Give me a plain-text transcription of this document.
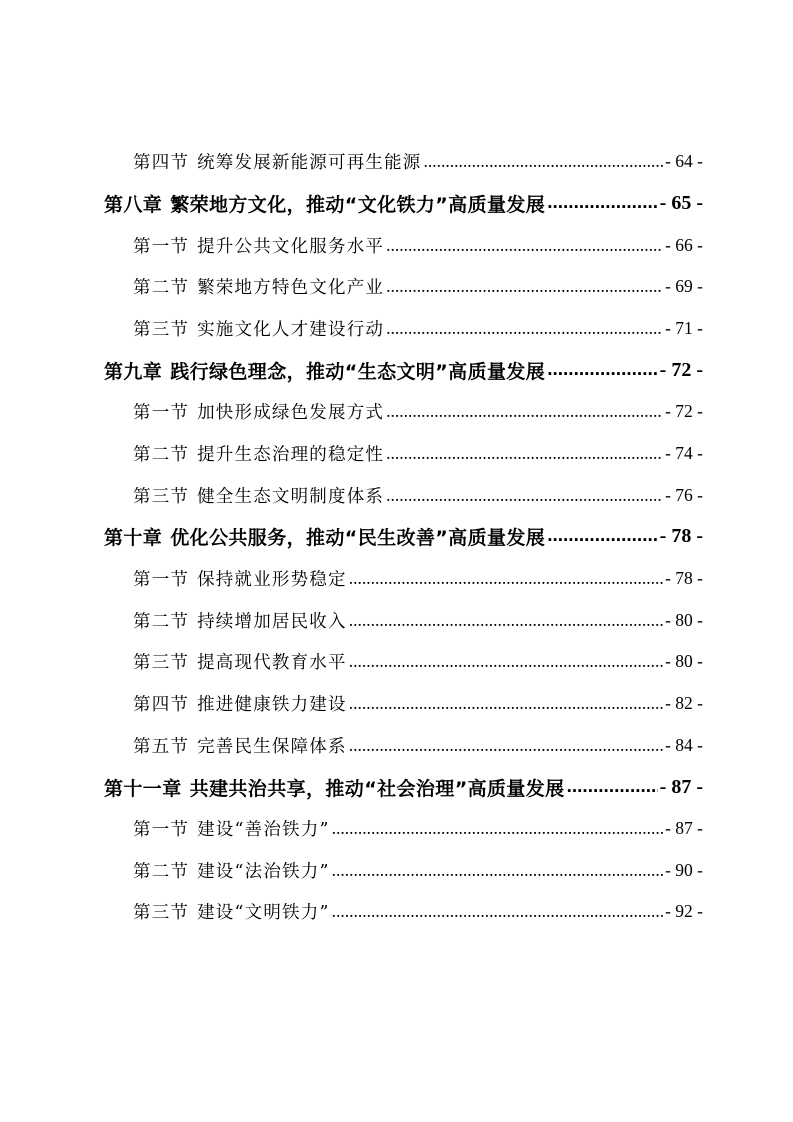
第四节 统筹发展新能源可再生能源 .....	- 64 -
第八章 繁荣地方文化，推动“文化铁力”高质量发展 .....	- 65 -
第一节 提升公共文化服务水平 .....	- 66 -
第二节 繁荣地方特色文化产业 .....	- 69 -
第三节 实施文化人才建设行动 .....	- 71 -
第九章 践行绿色理念，推动“生态文明”高质量发展 .....	- 72 -
第一节 加快形成绿色发展方式 .....	- 72 -
第二节 提升生态治理的稳定性 .....	- 74 -
第三节 健全生态文明制度体系 .....	- 76 -
第十章 优化公共服务，推动“民生改善”高质量发展 .....	- 78 -
第一节 保持就业形势稳定 .....	- 78 -
第二节 持续增加居民收入 .....	- 80 -
第三节 提高现代教育水平 .....	- 80 -
第四节 推进健康铁力建设 .....	- 82 -
第五节 完善民生保障体系 .....	- 84 -
第十一章 共建共治共享，推动“社会治理”高质量发展 .....	- 87 -
第一节 建设“善治铁力” .....	- 87 -
第二节 建设“法治铁力” .....	- 90 -
第三节 建设“文明铁力” .....	- 92 -
